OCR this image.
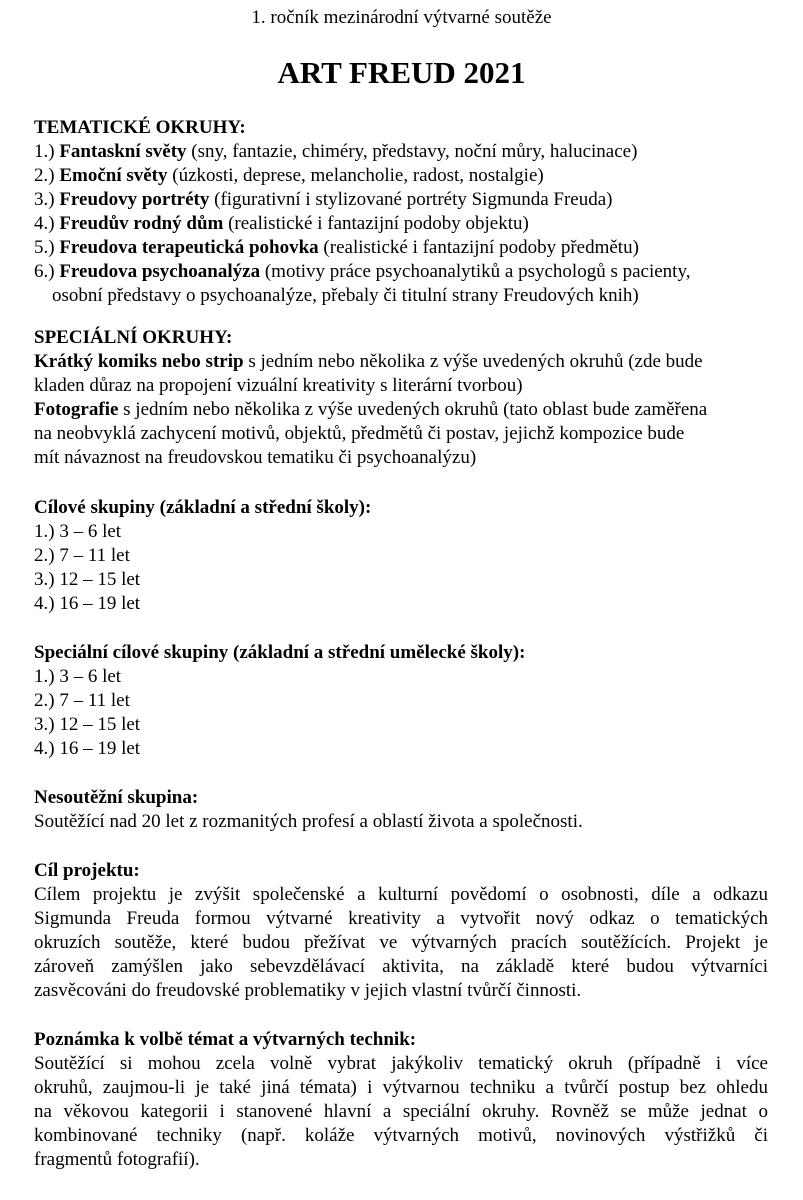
1. ročník mezinárodní výtvarné soutěže
ART FREUD 2021
TEMATICKÉ OKRUHY:
1.) Fantaskní světy (sny, fantazie, chiméry, představy, noční můry, halucinace)
2.) Emoční světy (úzkosti, deprese, melancholie, radost, nostalgie)
3.) Freudovy portréty (figurativní i stylizované portréty Sigmunda Freuda)
4.) Freudův rodný dům (realistické i fantazijní podoby objektu)
5.) Freudova terapeutická pohovka (realistické i fantazijní podoby předmětu)
6.) Freudova psychoanalýza (motivy práce psychoanalytiků a psychologů s pacienty,
osobní představy o psychoanalýze, přebaly či titulní strany Freudových knih)
SPECIÁLNÍ OKRUHY:
Krátký komiks nebo strip s jedním nebo několika z výše uvedených okruhů (zde bude
kladen důraz na propojení vizuální kreativity s literární tvorbou)
Fotografie s jedním nebo několika z výše uvedených okruhů (tato oblast bude zaměřena
na neobvyklá zachycení motivů, objektů, předmětů či postav, jejichž kompozice bude
mít návaznost na freudovskou tematiku či psychoanalýzu)
Cílové skupiny (základní a střední školy):
1.) 3 – 6 let
2.) 7 – 11 let
3.) 12 – 15 let
4.) 16 – 19 let
Speciální cílové skupiny (základní a střední umělecké školy):
1.) 3 – 6 let
2.) 7 – 11 let
3.) 12 – 15 let
4.) 16 – 19 let
Nesoutěžní skupina:
Soutěžící nad 20 let z rozmanitých profesí a oblastí života a společnosti.
Cíl projektu:
Cílem projektu je zvýšit společenské a kulturní povědomí o osobnosti, díle a odkazu
Sigmunda Freuda formou výtvarné kreativity a vytvořit nový odkaz o tematických
okruzích soutěže, které budou přežívat ve výtvarných pracích soutěžících. Projekt je
zároveň zamýšlen jako sebevzdělávací aktivita, na základě které budou výtvarníci
zasvěcováni do freudovské problematiky v jejich vlastní tvůrčí činnosti.
Poznámka k volbě témat a výtvarných technik:
Soutěžící si mohou zcela volně vybrat jakýkoliv tematický okruh (případně i více
okruhů, zaujmou-li je také jiná témata) i výtvarnou techniku a tvůrčí postup bez ohledu
na věkovou kategorii i stanovené hlavní a speciální okruhy. Rovněž se může jednat o
kombinované techniky (např. koláže výtvarných motivů, novinových výstřižků či
fragmentů fotografií).
